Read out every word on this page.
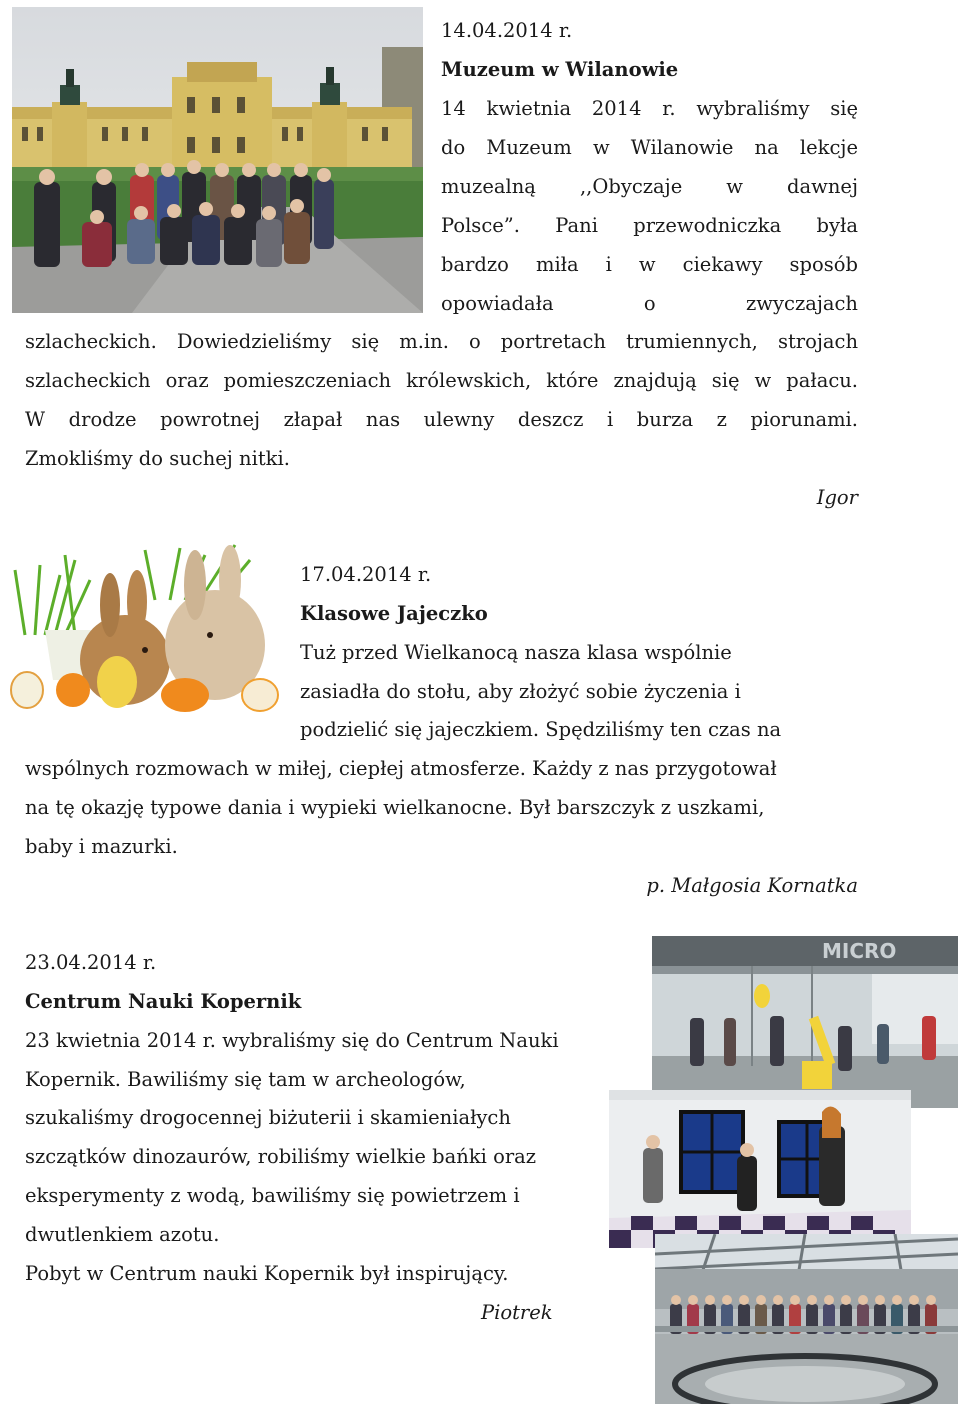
14.04.2014 r.
Muzeum w Wilanowie
14 kwietnia 2014 r. wybraliśmy się
do Muzeum w Wilanowie na lekcje
muzealną ,,Obyczaje w dawnej
Polsce”. Pani przewodniczka była
bardzo miła i w ciekawy sposób
opowiadała o zwyczajach
szlacheckich. Dowiedzieliśmy się m.in. o portretach trumiennych, strojach
szlacheckich oraz pomieszczeniach królewskich, które znajdują się w pałacu.
W drodze powrotnej złapał nas ulewny deszcz i burza z piorunami.
Zmokliśmy do suchej nitki.
Igor
17.04.2014 r.
Klasowe Jajeczko
Tuż przed Wielkanocą nasza klasa wspólnie
zasiadła do stołu, aby złożyć sobie życzenia i
podzielić się jajeczkiem. Spędziliśmy ten czas na
wspólnych rozmowach w miłej, ciepłej atmosferze. Każdy z nas przygotował
na tę okazję typowe dania i wypieki wielkanocne. Był barszczyk z uszkami,
baby i mazurki.
p. Małgosia Kornatka
23.04.2014 r.
Centrum Nauki Kopernik
23 kwietnia 2014 r. wybraliśmy się do Centrum Nauki
Kopernik. Bawiliśmy się tam w archeologów,
szukaliśmy drogocennej biżuterii i skamieniałych
szczątków dinozaurów, robiliśmy wielkie bańki oraz
eksperymenty z wodą, bawiliśmy się powietrzem i
dwutlenkiem azotu.
Pobyt w Centrum nauki Kopernik był inspirujący.
Piotrek
MICRO
